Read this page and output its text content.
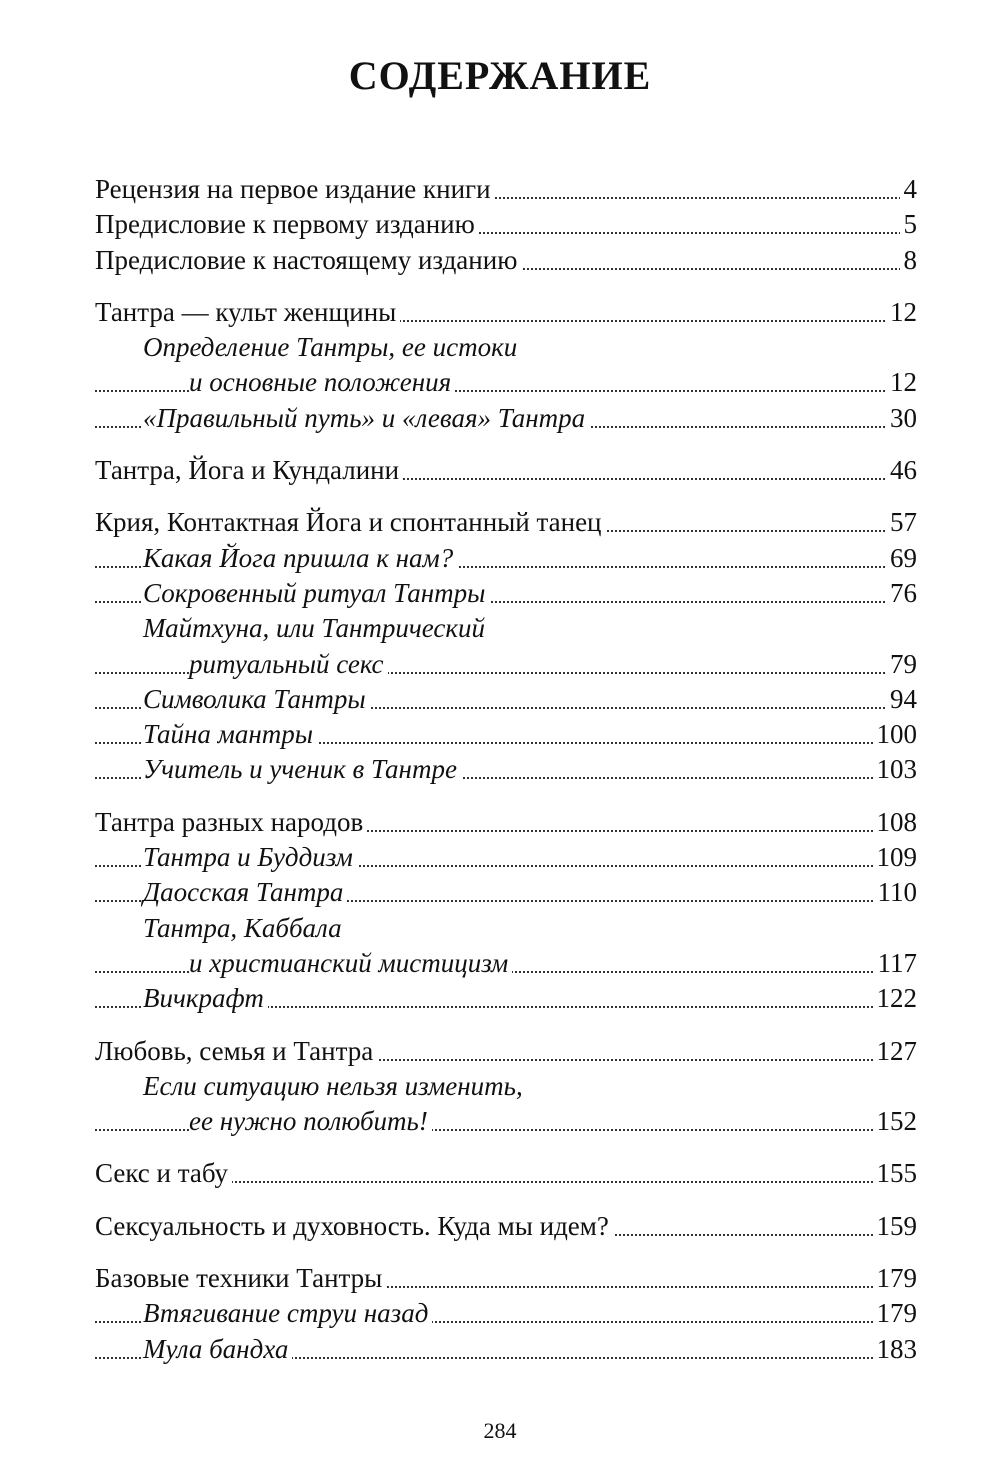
СОДЕРЖАНИЕ
Рецензия на первое издание книги	4
Предисловие к первому изданию	5
Предисловие к настоящему изданию	8
Тантра — культ женщины	12
Определение Тантры, ее истоки
и основные положения	12
«Правильный путь» и «левая» Тантра	30
Тантра, Йога и Кундалини	46
Крия, Контактная Йога и спонтанный танец	57
Какая Йога пришла к нам?	69
Сокровенный ритуал Тантры	76
Майтхуна, или Тантрический
ритуальный секс	79
Символика Тантры	94
Тайна мантры	100
Учитель и ученик в Тантре	103
Тантра разных народов	108
Тантра и Буддизм	109
Даосская Тантра	110
Тантра, Каббала
и христианский мистицизм	117
Вичкрафт	122
Любовь, семья и Тантра	127
Если ситуацию нельзя изменить,
ее нужно полюбить!	152
Секс и табу	155
Сексуальность и духовность. Куда мы идем?	159
Базовые техники Тантры	179
Втягивание струи назад	179
Мула бандха	183
284
